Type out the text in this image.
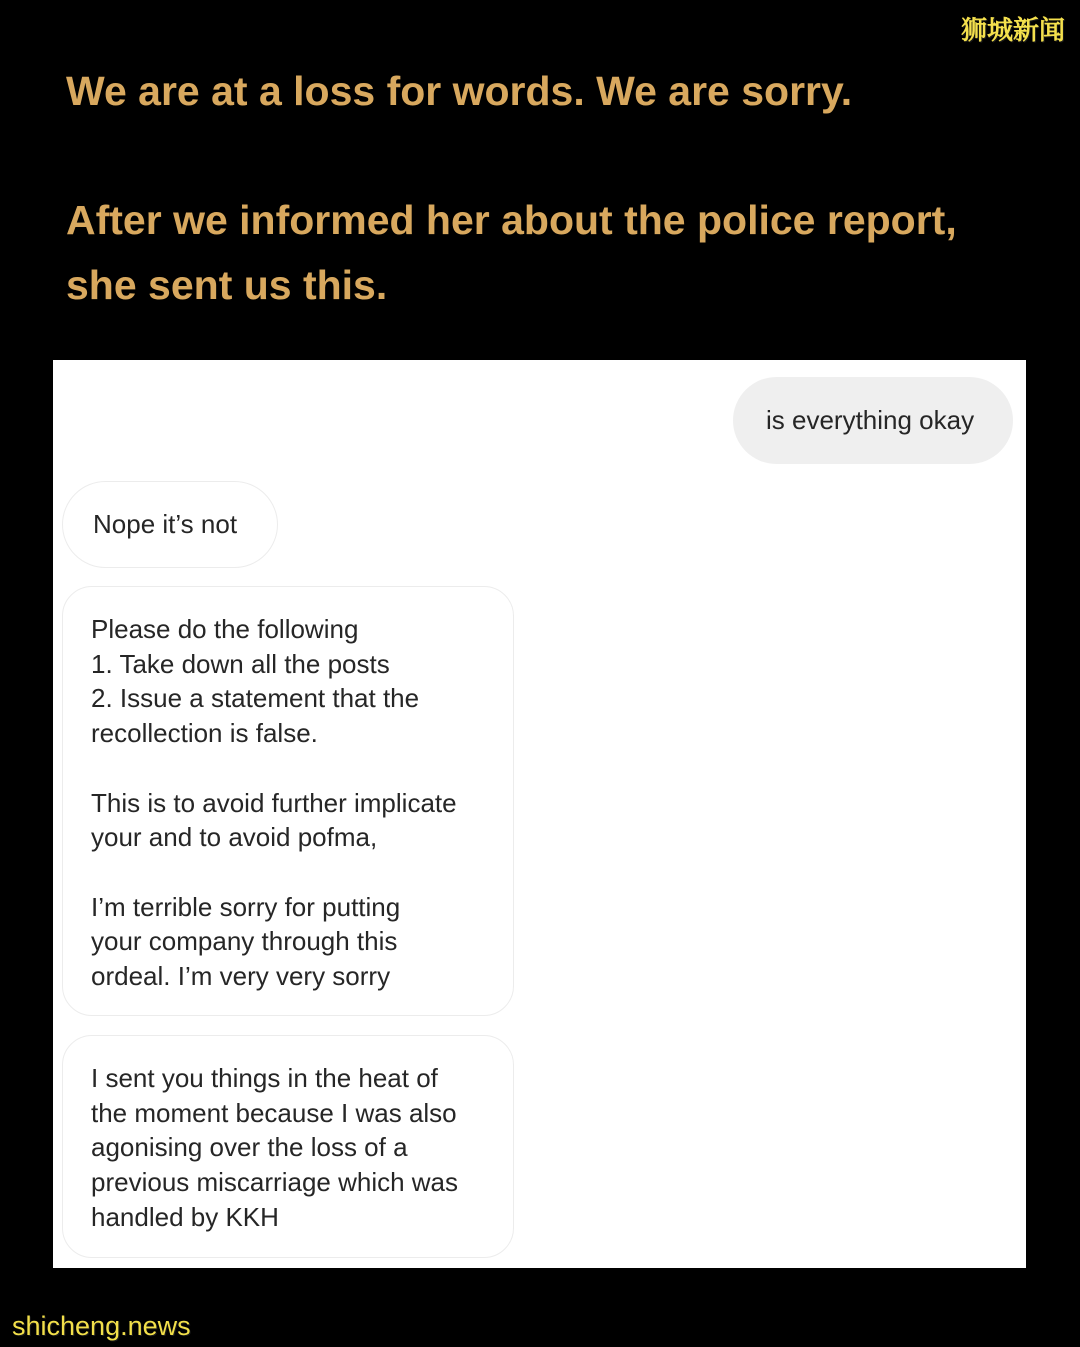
狮城新闻
We are at a loss for words. We are sorry.
After we informed her about the police report,
she sent us this.
is everything okay
Nope it’s not
Please do the following
1. Take down all the posts
2. Issue a statement that the
recollection is false.

This is to avoid further implicate
your and to avoid pofma,

I’m terrible sorry for putting
your company through this
ordeal. I’m very very sorry
I sent you things in the heat of
the moment because I was also
agonising over the loss of a
previous miscarriage which was
handled by KKH
shicheng.news
